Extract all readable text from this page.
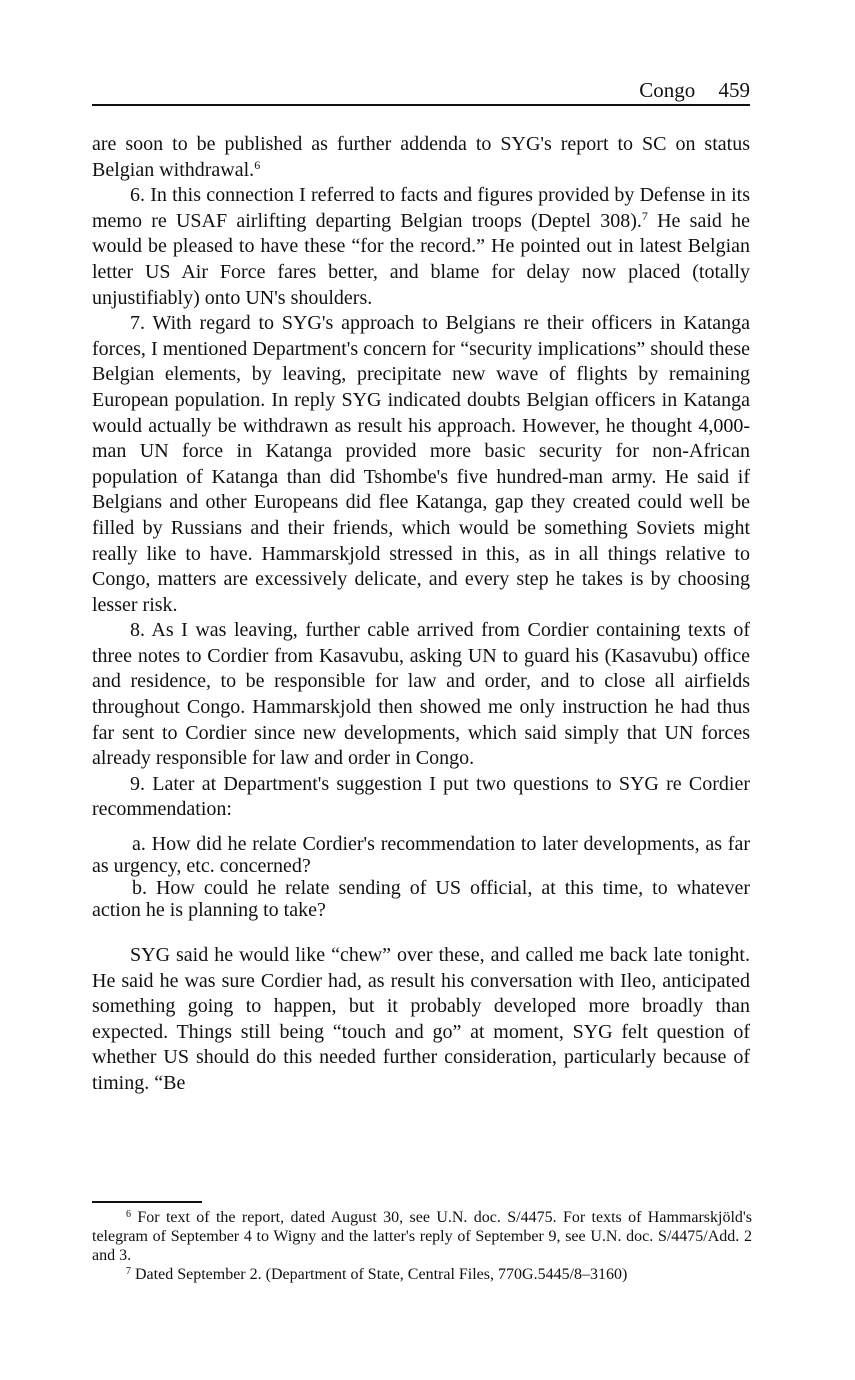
Congo 459

are soon to be published as further addenda to SYG's report to SC on status Belgian withdrawal.$^6$

6. In this connection I referred to facts and figures provided by Defense in its memo re USAF airlifting departing Belgian troops (Deptel 308).$^7$ He said he would be pleased to have these “for the record.” He pointed out in latest Belgian letter US Air Force fares better, and blame for delay now placed (totally unjustifiably) onto UN's shoulders.

7. With regard to SYG's approach to Belgians re their officers in Katanga forces, I mentioned Department's concern for “security implications” should these Belgian elements, by leaving, precipitate new wave of flights by remaining European population. In reply SYG indicated doubts Belgian officers in Katanga would actually be withdrawn as result his approach. However, he thought 4,000-man UN force in Katanga provided more basic security for non-African population of Katanga than did Tshombe's five hundred-man army. He said if Belgians and other Europeans did flee Katanga, gap they created could well be filled by Russians and their friends, which would be something Soviets might really like to have. Hammarskjold stressed in this, as in all things relative to Congo, matters are excessively delicate, and every step he takes is by choosing lesser risk.

8. As I was leaving, further cable arrived from Cordier containing texts of three notes to Cordier from Kasavubu, asking UN to guard his (Kasavubu) office and residence, to be responsible for law and order, and to close all airfields throughout Congo. Hammarskjold then showed me only instruction he had thus far sent to Cordier since new developments, which said simply that UN forces already responsible for law and order in Congo.

9. Later at Department's suggestion I put two questions to SYG re Cordier recommendation:

a. How did he relate Cordier's recommendation to later developments, as far as urgency, etc. concerned?

b. How could he relate sending of US official, at this time, to whatever action he is planning to take?

SYG said he would like “chew” over these, and called me back late tonight. He said he was sure Cordier had, as result his conversation with Ileo, anticipated something going to happen, but it probably developed more broadly than expected. Things still being “touch and go” at moment, SYG felt question of whether US should do this needed further consideration, particularly because of timing. “Be

$^6$ For text of the report, dated August 30, see U.N. doc. S/4475. For texts of Hammarskjöld's telegram of September 4 to Wigny and the latter's reply of September 9, see U.N. doc. S/4475/Add. 2 and 3.

$^7$ Dated September 2. (Department of State, Central Files, 770G.5445/8–3160)
